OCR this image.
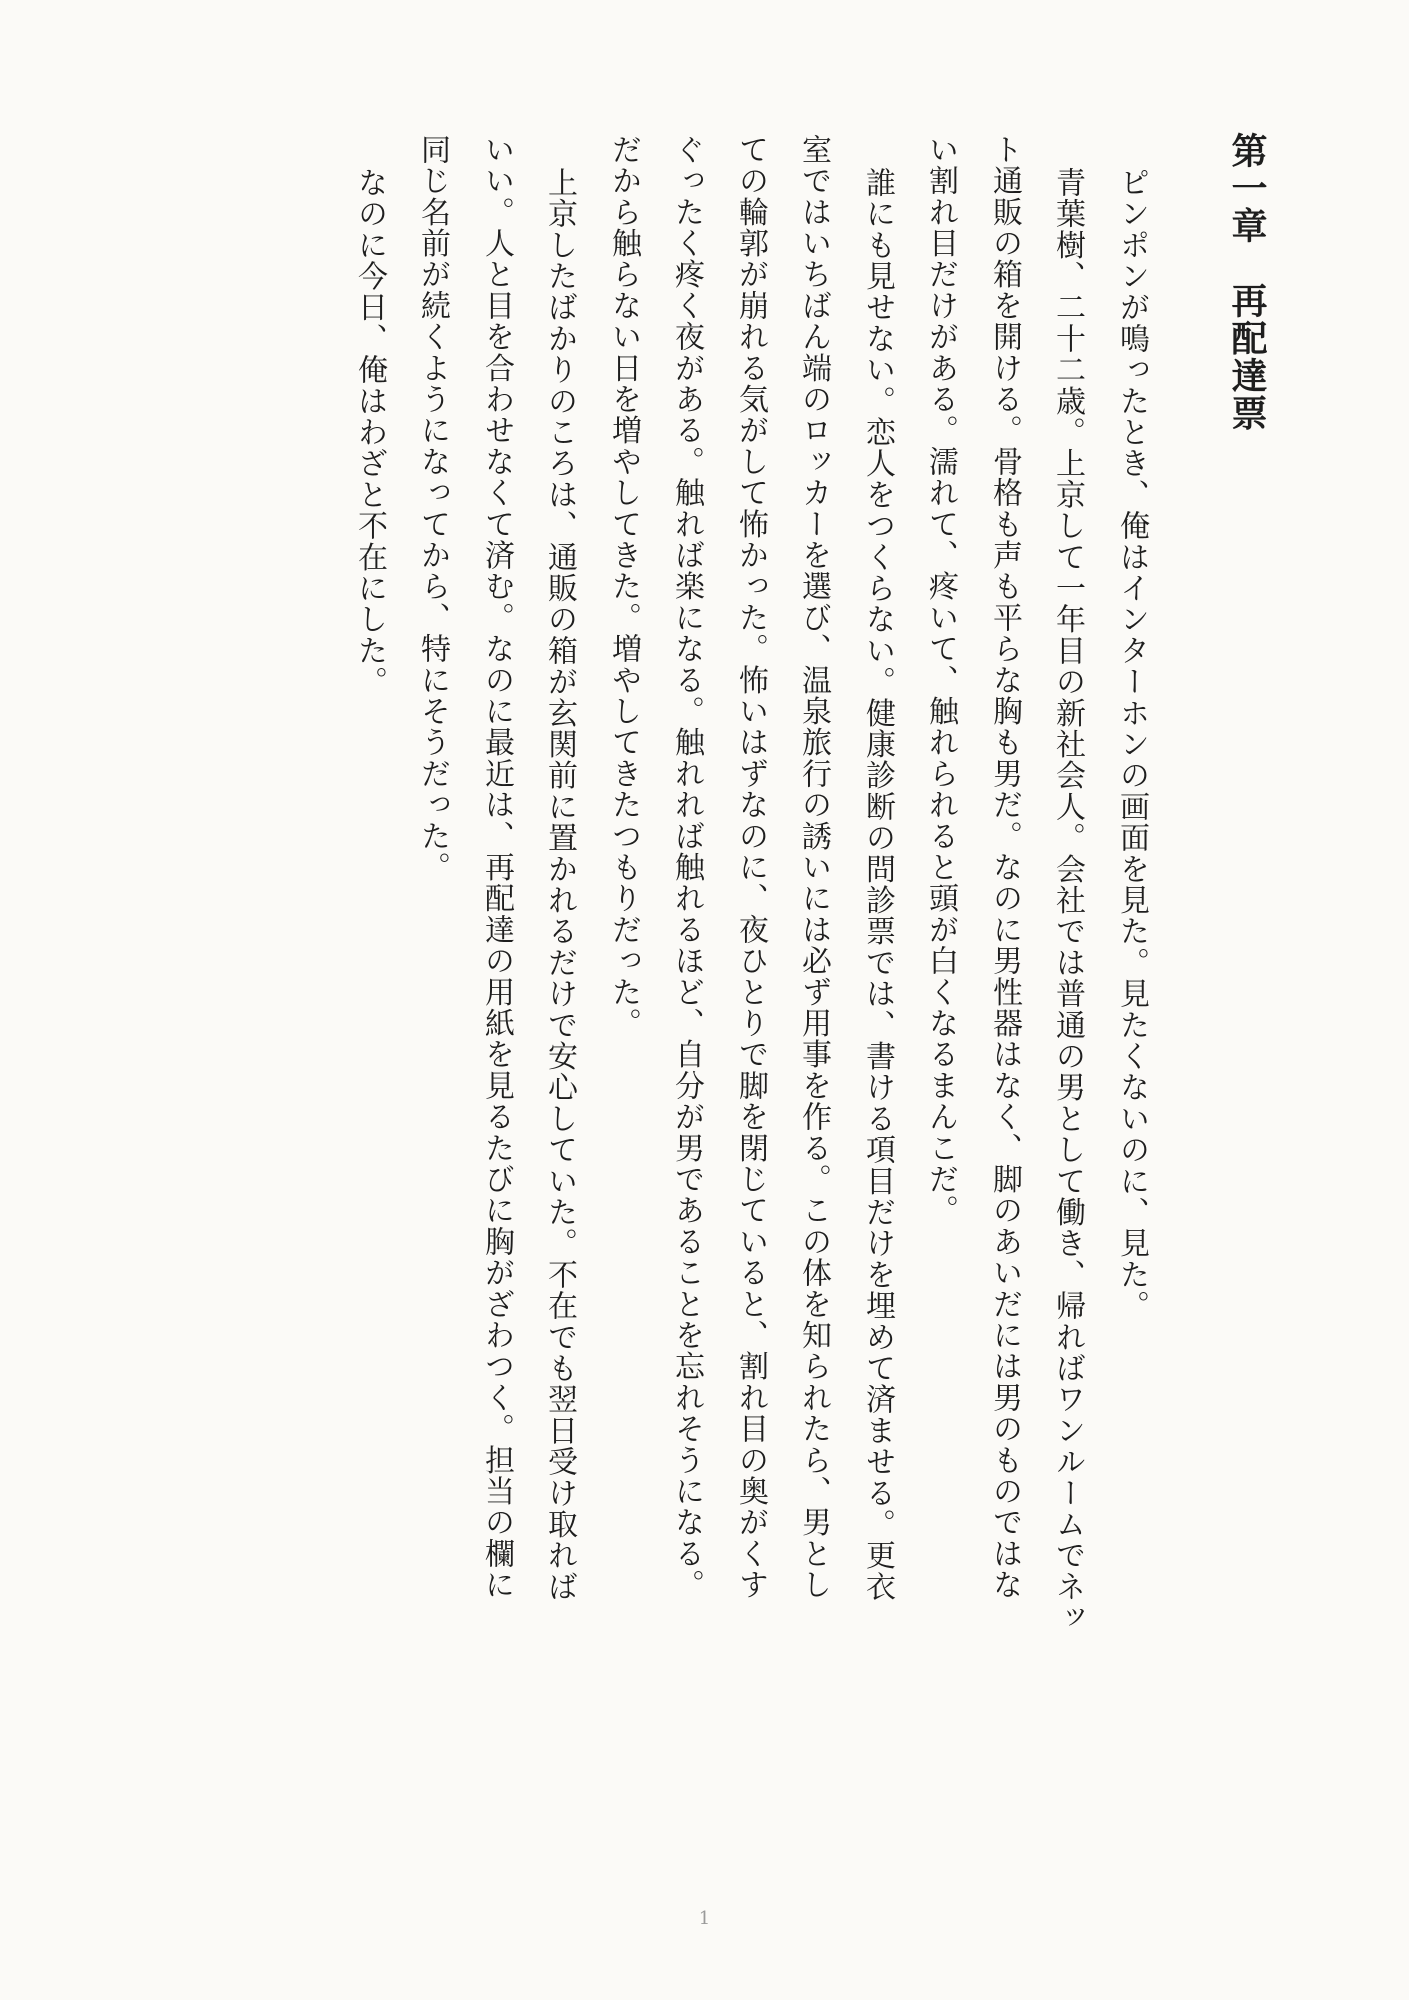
第一章　再配達票

ピンポンが鳴ったとき、俺はインターホンの画面を見た。見たくないのに、見た。

青葉樹、二十二歳。上京して一年目の新社会人。会社では普通の男として働き、帰ればワンルームでネッ

ト通販の箱を開ける。骨格も声も平らな胸も男だ。なのに男性器はなく、脚のあいだには男のものではな

い割れ目だけがある。濡れて、疼いて、触れられると頭が白くなるまんこだ。

誰にも見せない。恋人をつくらない。健康診断の問診票では、書ける項目だけを埋めて済ませる。更衣

室ではいちばん端のロッカーを選び、温泉旅行の誘いには必ず用事を作る。この体を知られたら、男とし

ての輪郭が崩れる気がして怖かった。怖いはずなのに、夜ひとりで脚を閉じていると、割れ目の奥がくす

ぐったく疼く夜がある。触れば楽になる。触れれば触れるほど、自分が男であることを忘れそうになる。

だから触らない日を増やしてきた。増やしてきたつもりだった。

上京したばかりのころは、通販の箱が玄関前に置かれるだけで安心していた。不在でも翌日受け取れば

いい。人と目を合わせなくて済む。なのに最近は、再配達の用紙を見るたびに胸がざわつく。担当の欄に

同じ名前が続くようになってから、特にそうだった。

なのに今日、俺はわざと不在にした。

1
